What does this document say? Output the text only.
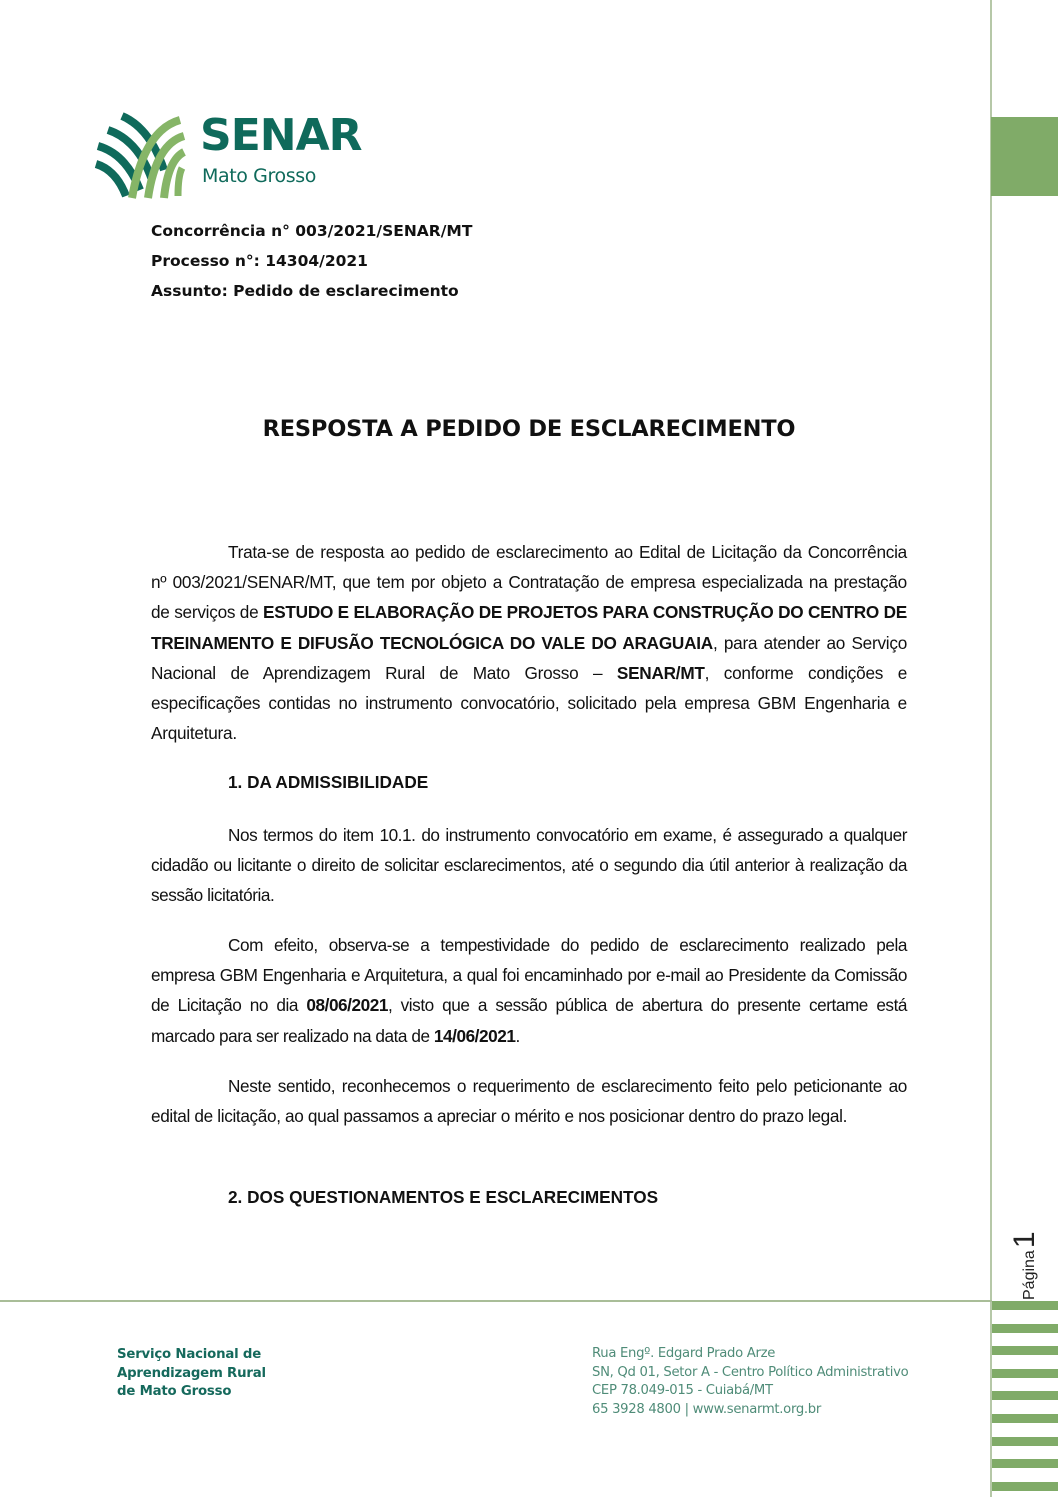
Página
1
SENAR
Mato Grosso
Concorrência n° 003/2021/SENAR/MT
Processo n°: 14304/2021
Assunto: Pedido de esclarecimento
RESPOSTA A PEDIDO DE ESCLARECIMENTO
Trata-se de resposta ao pedido de esclarecimento ao Edital de Licitação da Concorrência nº 003/2021/SENAR/MT, que tem por objeto a Contratação de empresa especializada na prestação de serviços de ESTUDO E ELABORAÇÃO DE PROJETOS PARA CONSTRUÇÃO DO CENTRO DE TREINAMENTO E DIFUSÃO TECNOLÓGICA DO VALE DO ARAGUAIA, para atender ao Serviço Nacional de Aprendizagem Rural de Mato Grosso – SENAR/MT, conforme condições e especificações contidas no instrumento convocatório, solicitado pela empresa GBM Engenharia e Arquitetura.
1. DA ADMISSIBILIDADE
Nos termos do item 10.1. do instrumento convocatório em exame, é assegurado a qualquer cidadão ou licitante o direito de solicitar esclarecimentos, até o segundo dia útil anterior à realização da sessão licitatória.
Com efeito, observa-se a tempestividade do pedido de esclarecimento realizado pela empresa GBM Engenharia e Arquitetura, a qual foi encaminhado por e-mail ao Presidente da Comissão de Licitação no dia 08/06/2021, visto que a sessão pública de abertura do presente certame está marcado para ser realizado na data de 14/06/2021.
Neste sentido, reconhecemos o requerimento de esclarecimento feito pelo peticionante ao edital de licitação, ao qual passamos a apreciar o mérito e nos posicionar dentro do prazo legal.
2. DOS QUESTIONAMENTOS E ESCLARECIMENTOS
Serviço Nacional de
Aprendizagem Rural
de Mato Grosso
Rua Engº. Edgard Prado Arze
SN, Qd 01, Setor A - Centro Político Administrativo
CEP 78.049-015 - Cuiabá/MT
65 3928 4800 | www.senarmt.org.br
